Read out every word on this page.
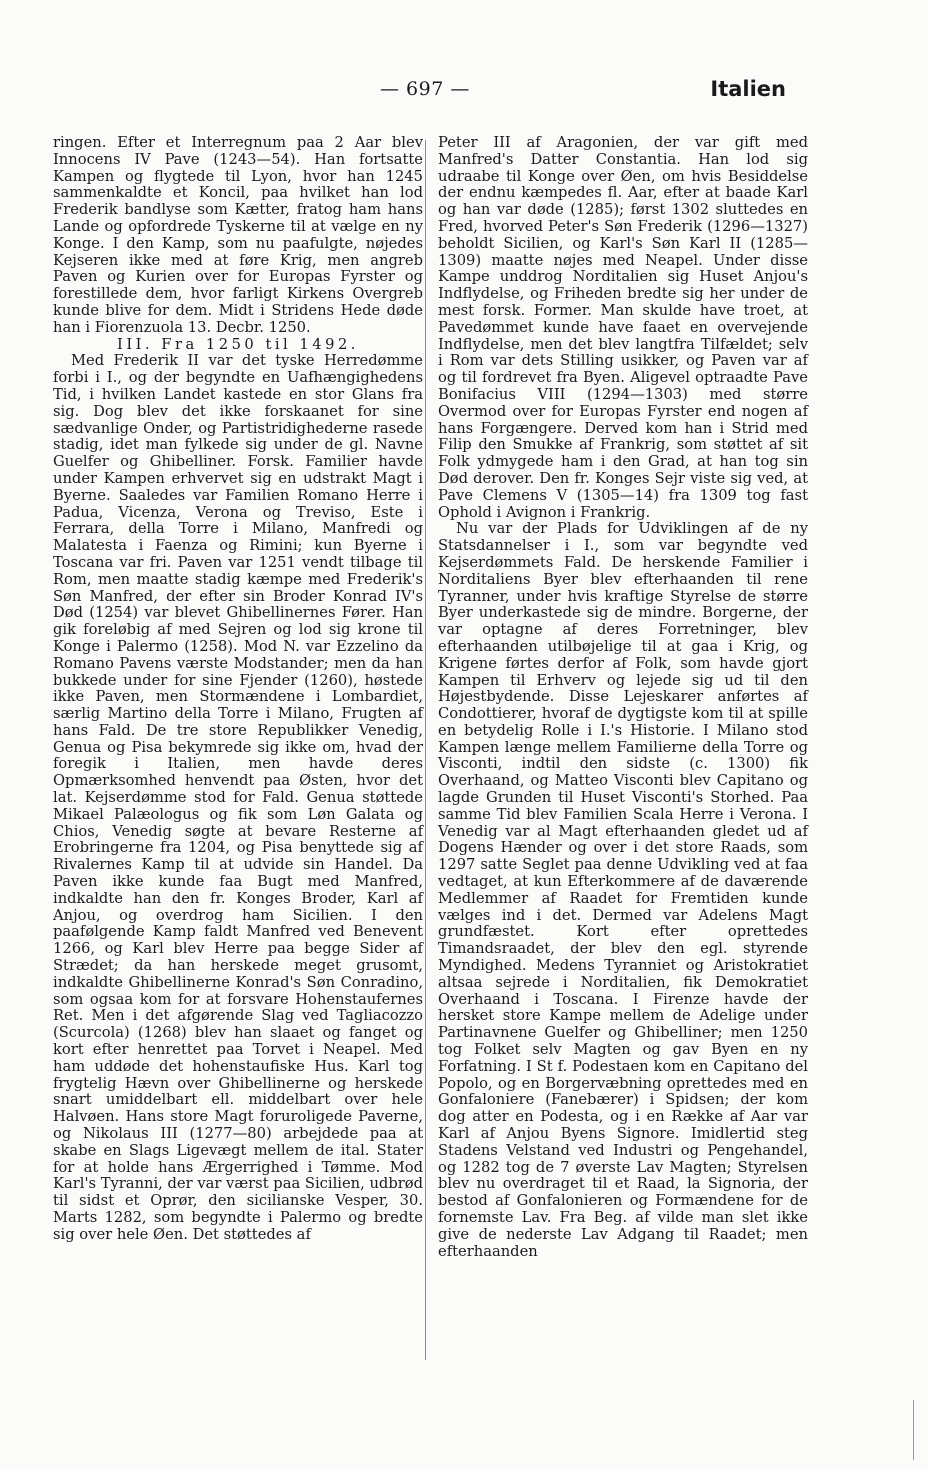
— 697 —	Italien

ringen. Efter et Interregnum paa 2 Aar blev Innocens IV Pave (1243—54). Han fortsatte Kampen og flygtede til Lyon, hvor han 1245 sammenkaldte et Koncil, paa hvilket han lod Frederik bandlyse som Kætter, fratog ham hans Lande og opfordrede Tyskerne til at vælge en ny Konge. I den Kamp, som nu paafulgte, nøjedes Kejseren ikke med at føre Krig, men angreb Paven og Kurien over for Europas Fyrster og forestillede dem, hvor farligt Kirkens Overgreb kunde blive for dem. Midt i Stridens Hede døde han i Fiorenzuola 13. Decbr. 1250.

III. Fra 1250 til 1492.

Med Frederik II var det tyske Herredømme forbi i I., og der begyndte en Uafhængighedens Tid, i hvilken Landet kastede en stor Glans fra sig. Dog blev det ikke forskaanet for sine sædvanlige Onder, og Partistridighederne rasede stadig, idet man fylkede sig under de gl. Navne Guelfer og Ghibelliner. Forsk. Familier havde under Kampen erhvervet sig en udstrakt Magt i Byerne. Saaledes var Familien Romano Herre i Padua, Vicenza, Verona og Treviso, Este i Ferrara, della Torre i Milano, Manfredi og Malatesta i Faenza og Rimini; kun Byerne i Toscana var fri. Paven var 1251 vendt tilbage til Rom, men maatte stadig kæmpe med Frederik's Søn Manfred, der efter sin Broder Konrad IV's Død (1254) var blevet Ghibellinernes Fører. Han gik foreløbig af med Sejren og lod sig krone til Konge i Palermo (1258). Mod N. var Ezzelino da Romano Pavens værste Modstander; men da han bukkede under for sine Fjender (1260), høstede ikke Paven, men Stormændene i Lombardiet, særlig Martino della Torre i Milano, Frugten af hans Fald. De tre store Republikker Venedig, Genua og Pisa bekymrede sig ikke om, hvad der foregik i Italien, men havde deres Opmærksomhed henvendt paa Østen, hvor det lat. Kejserdømme stod for Fald. Genua støttede Mikael Palæologus og fik som Løn Galata og Chios, Venedig søgte at bevare Resterne af Erobringerne fra 1204, og Pisa benyttede sig af Rivalernes Kamp til at udvide sin Handel. Da Paven ikke kunde faa Bugt med Manfred, indkaldte han den fr. Konges Broder, Karl af Anjou, og overdrog ham Sicilien. I den paafølgende Kamp faldt Manfred ved Benevent 1266, og Karl blev Herre paa begge Sider af Strædet; da han herskede meget grusomt, indkaldte Ghibellinerne Konrad's Søn Conradino, som ogsaa kom for at forsvare Hohenstaufernes Ret. Men i det afgørende Slag ved Tagliacozzo (Scurcola) (1268) blev han slaaet og fanget og kort efter henrettet paa Torvet i Neapel. Med ham uddøde det hohenstaufiske Hus. Karl tog frygtelig Hævn over Ghibellinerne og herskede snart umiddelbart ell. middelbart over hele Halvøen. Hans store Magt foruroligede Paverne, og Nikolaus III (1277—80) arbejdede paa at skabe en Slags Ligevægt mellem de ital. Stater for at holde hans Ærgerrighed i Tømme. Mod Karl's Tyranni, der var værst paa Sicilien, udbrød til sidst et Oprør, den sicilianske Vesper, 30. Marts 1282, som begyndte i Palermo og bredte sig over hele Øen. Det støttedes af

Peter III af Aragonien, der var gift med Manfred's Datter Constantia. Han lod sig udraabe til Konge over Øen, om hvis Besiddelse der endnu kæmpedes fl. Aar, efter at baade Karl og han var døde (1285); først 1302 sluttedes en Fred, hvorved Peter's Søn Frederik (1296—1327) beholdt Sicilien, og Karl's Søn Karl II (1285—1309) maatte nøjes med Neapel. Under disse Kampe unddrog Norditalien sig Huset Anjou's Indflydelse, og Friheden bredte sig her under de mest forsk. Former. Man skulde have troet, at Pavedømmet kunde have faaet en overvejende Indflydelse, men det blev langtfra Tilfældet; selv i Rom var dets Stilling usikker, og Paven var af og til fordrevet fra Byen. Aligevel optraadte Pave Bonifacius VIII (1294—1303) med større Overmod over for Europas Fyrster end nogen af hans Forgængere. Derved kom han i Strid med Filip den Smukke af Frankrig, som støttet af sit Folk ydmygede ham i den Grad, at han tog sin Død derover. Den fr. Konges Sejr viste sig ved, at Pave Clemens V (1305—14) fra 1309 tog fast Ophold i Avignon i Frankrig.

Nu var der Plads for Udviklingen af de ny Statsdannelser i I., som var begyndte ved Kejserdømmets Fald. De herskende Familier i Norditaliens Byer blev efterhaanden til rene Tyranner, under hvis kraftige Styrelse de større Byer underkastede sig de mindre. Borgerne, der var optagne af deres Forretninger, blev efterhaanden utilbøjelige til at gaa i Krig, og Krigene førtes derfor af Folk, som havde gjort Kampen til Erhverv og lejede sig ud til den Højestbydende. Disse Lejeskarer anførtes af Condottierer, hvoraf de dygtigste kom til at spille en betydelig Rolle i I.'s Historie. I Milano stod Kampen længe mellem Familierne della Torre og Visconti, indtil den sidste (c. 1300) fik Overhaand, og Matteo Visconti blev Capitano og lagde Grunden til Huset Visconti's Storhed. Paa samme Tid blev Familien Scala Herre i Verona. I Venedig var al Magt efterhaanden gledet ud af Dogens Hænder og over i det store Raads, som 1297 satte Seglet paa denne Udvikling ved at faa vedtaget, at kun Efterkommere af de daværende Medlemmer af Raadet for Fremtiden kunde vælges ind i det. Dermed var Adelens Magt grundfæstet. Kort efter oprettedes Timandsraadet, der blev den egl. styrende Myndighed. Medens Tyranniet og Aristokratiet altsaa sejrede i Norditalien, fik Demokratiet Overhaand i Toscana. I Firenze havde der hersket store Kampe mellem de Adelige under Partinavnene Guelfer og Ghibelliner; men 1250 tog Folket selv Magten og gav Byen en ny Forfatning. I St f. Podestaen kom en Capitano del Popolo, og en Borgervæbning oprettedes med en Gonfaloniere (Fanebærer) i Spidsen; der kom dog atter en Podesta, og i en Række af Aar var Karl af Anjou Byens Signore. Imidlertid steg Stadens Velstand ved Industri og Pengehandel, og 1282 tog de 7 øverste Lav Magten; Styrelsen blev nu overdraget til et Raad, la Signoria, der bestod af Gonfalonieren og Formændene for de fornemste Lav. Fra Beg. af vilde man slet ikke give de nederste Lav Adgang til Raadet; men efterhaanden
